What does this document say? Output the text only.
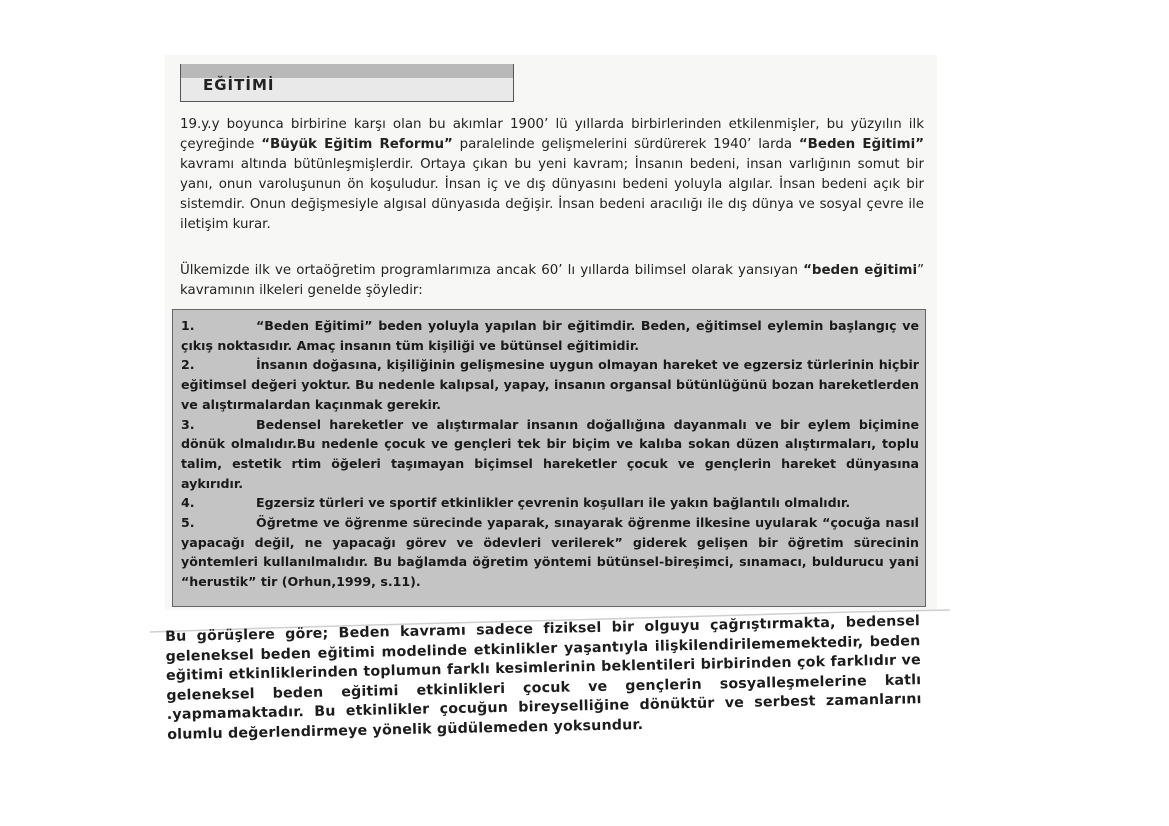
EĞİTİMİ
19.y.y boyunca birbirine karşı olan bu akımlar 1900’ lü yıllarda birbirlerinden etkilenmişler, bu yüzyılın ilk çeyreğinde “Büyük Eğitim Reformu” paralelinde gelişmelerini sürdürerek 1940’ larda “Beden Eğitimi” kavramı altında bütünleşmişlerdir. Ortaya çıkan bu yeni kavram; İnsanın bedeni, insan varlığının somut bir yanı, onun varoluşunun ön koşuludur. İnsan iç ve dış dünyasını bedeni yoluyla algılar. İnsan bedeni açık bir sistemdir. Onun değişmesiyle algısal dünyasıda değişir. İnsan bedeni aracılığı ile dış dünya ve sosyal çevre ile iletişim kurar.
Ülkemizde ilk ve ortaöğretim programlarımıza ancak 60’ lı yıllarda bilimsel olarak yansıyan “beden eğitimi” kavramının ilkeleri genelde şöyledir:

1.	“Beden Eğitimi” beden yoluyla yapılan bir eğitimdir. Beden, eğitimsel eylemin başlangıç ve çıkış noktasıdır. Amaç insanın tüm kişiliği ve bütünsel eğitimidir.

2.	İnsanın doğasına, kişiliğinin gelişmesine uygun olmayan hareket ve egzersiz türlerinin hiçbir eğitimsel değeri yoktur. Bu nedenle kalıpsal, yapay, insanın organsal bütünlüğünü bozan hareketlerden ve alıştırmalardan kaçınmak gerekir.

3.	Bedensel hareketler ve alıştırmalar insanın doğallığına dayanmalı ve bir eylem biçimine dönük olmalıdır.Bu nedenle çocuk ve gençleri tek bir biçim ve kalıba sokan düzen alıştırmaları, toplu talim, estetik rtim öğeleri taşımayan biçimsel hareketler çocuk ve gençlerin hareket dünyasına aykırıdır.

4.	Egzersiz türleri ve sportif etkinlikler çevrenin koşulları ile yakın bağlantılı olmalıdır.

5.	Öğretme ve öğrenme sürecinde yaparak, sınayarak öğrenme ilkesine uyularak “çocuğa nasıl yapacağı değil, ne yapacağı görev ve ödevleri verilerek” giderek gelişen bir öğretim sürecinin yöntemleri kullanılmalıdır. Bu bağlamda öğretim yöntemi bütünsel-bireşimci, sınamacı, buldurucu yani “herustik” tir (Orhun,1999, s.11).

Bu görüşlere göre; Beden kavramı sadece fiziksel bir olguyu çağrıştırmakta, bedensel geleneksel beden eğitimi modelinde etkinlikler yaşantıyla ilişkilendirilememektedir, beden eğitimi etkinliklerinden toplumun farklı kesimlerinin beklentileri birbirinden çok farklıdır ve geleneksel beden eğitimi etkinlikleri çocuk ve gençlerin sosyalleşmelerine katlı .yapmamaktadır. Bu etkinlikler çocuğun bireyselliğine dönüktür ve serbest zamanlarını olumlu değerlendirmeye yönelik güdülemeden yoksundur.
